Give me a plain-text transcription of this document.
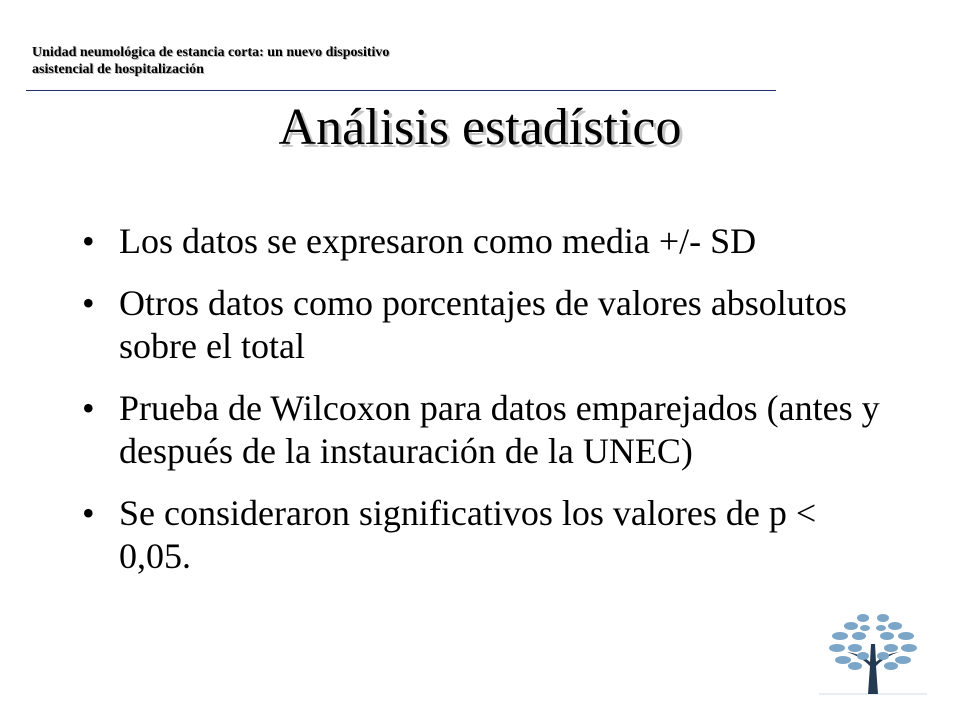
Unidad neumológica de estancia corta: un nuevo dispositivo
asistencial de hospitalización
Análisis estadístico
• Los datos se expresaron como media +/- SD
• Otros datos como porcentajes de valores absolutos sobre el total
• Prueba de Wilcoxon para datos emparejados (antes y después de la instauración de la UNEC)
• Se consideraron significativos los valores de p < 0,05.
